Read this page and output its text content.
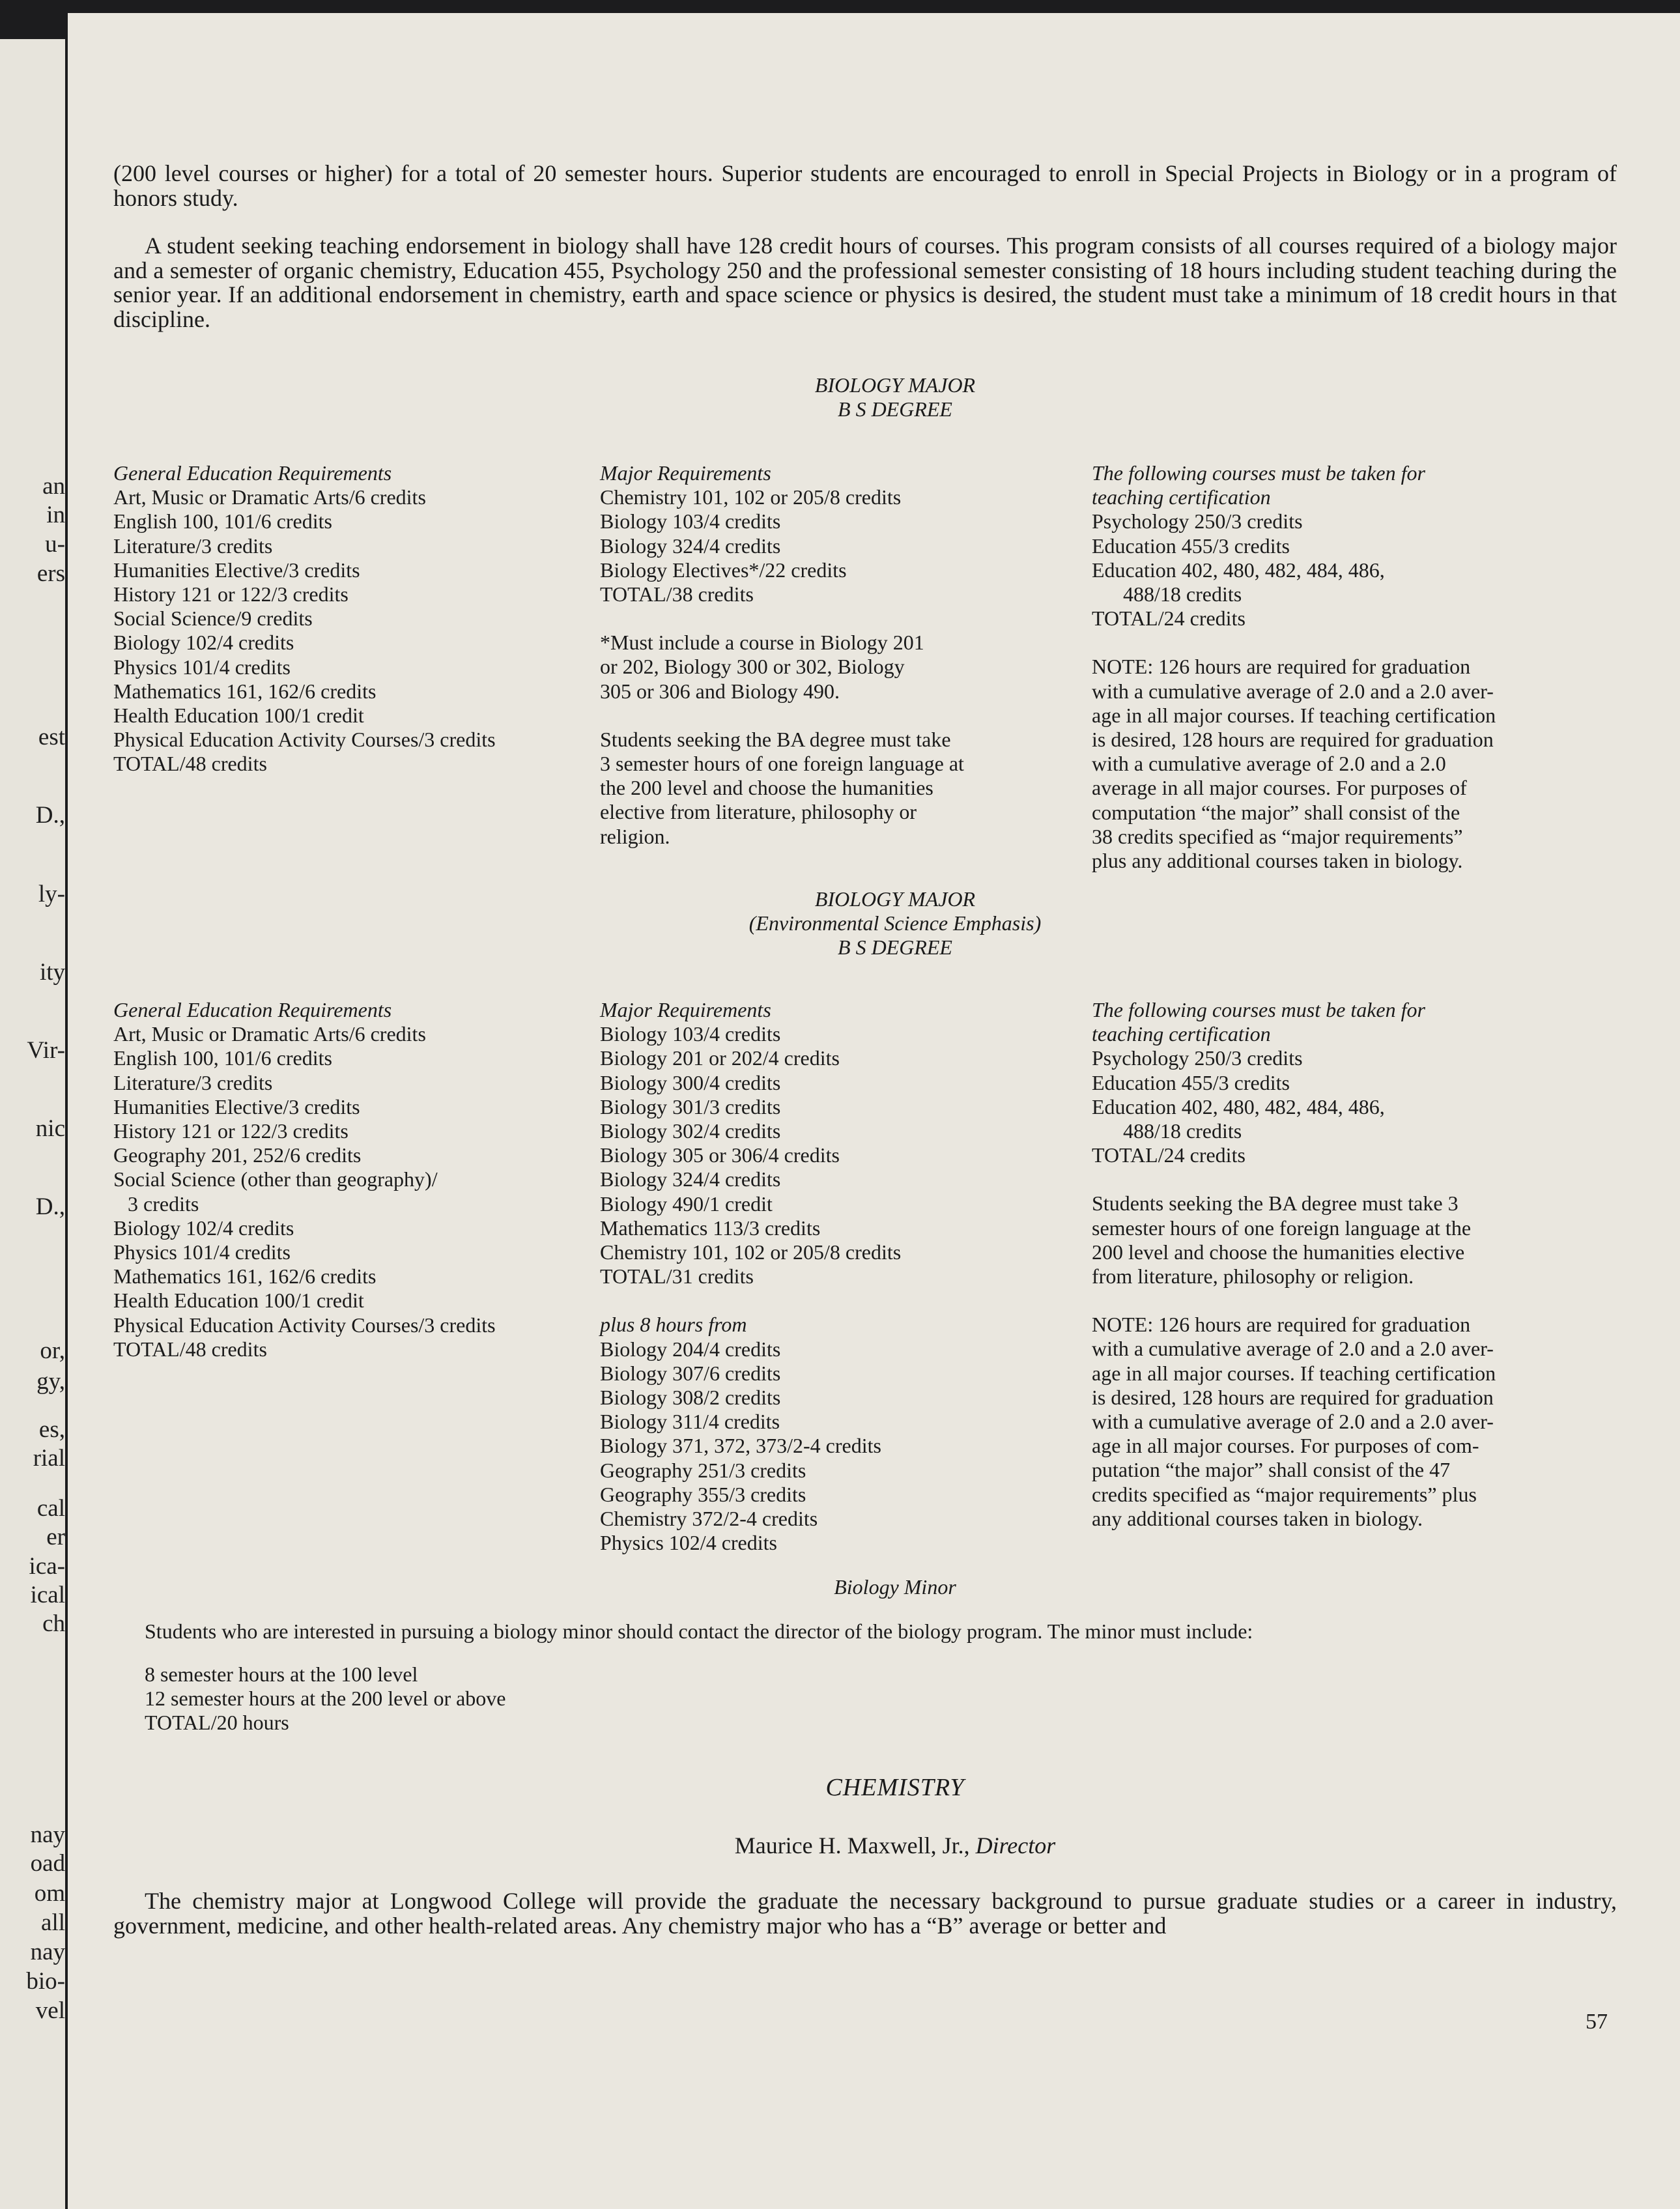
an
in
u-
ers
est
D.,
ly-
ity
Vir-
nic
D.,
or,
gy,
es,
rial
cal
er
ica-
ical
ch
nay
oad
om
all
nay
bio-
vel
(200 level courses or higher) for a total of 20 semester hours. Superior students are encouraged to enroll in Special Projects in Biology or in a program of honors study.
A student seeking teaching endorsement in biology shall have 128 credit hours of courses. This program consists of all courses required of a biology major and a semester of organic chemistry, Education 455, Psychology 250 and the professional semester consisting of 18 hours including student teaching during the senior year. If an additional endorsement in chemistry, earth and space science or physics is desired, the student must take a minimum of 18 credit hours in that discipline.
BIOLOGY MAJOR
B S DEGREE
General Education Requirements
Art, Music or Dramatic Arts/6 credits
English 100, 101/6 credits
Literature/3 credits
Humanities Elective/3 credits
History 121 or 122/3 credits
Social Science/9 credits
Biology 102/4 credits
Physics 101/4 credits
Mathematics 161, 162/6 credits
Health Education 100/1 credit
Physical Education Activity Courses/3 credits
TOTAL/48 credits
Major Requirements
Chemistry 101, 102 or 205/8 credits
Biology 103/4 credits
Biology 324/4 credits
Biology Electives*/22 credits
TOTAL/38 credits
*Must include a course in Biology 201
or 202, Biology 300 or 302, Biology
305 or 306 and Biology 490.
Students seeking the BA degree must take
3 semester hours of one foreign language at
the 200 level and choose the humanities
elective from literature, philosophy or
religion.
The following courses must be taken for
teaching certification
Psychology 250/3 credits
Education 455/3 credits
Education 402, 480, 482, 484, 486,
488/18 credits
TOTAL/24 credits
NOTE: 126 hours are required for graduation
with a cumulative average of 2.0 and a 2.0 aver-
age in all major courses. If teaching certification
is desired, 128 hours are required for graduation
with a cumulative average of 2.0 and a 2.0
average in all major courses. For purposes of
computation “the major” shall consist of the
38 credits specified as “major requirements”
plus any additional courses taken in biology.
BIOLOGY MAJOR
(Environmental Science Emphasis)
B S DEGREE
General Education Requirements
Art, Music or Dramatic Arts/6 credits
English 100, 101/6 credits
Literature/3 credits
Humanities Elective/3 credits
History 121 or 122/3 credits
Geography 201, 252/6 credits
Social Science (other than geography)/
3 credits
Biology 102/4 credits
Physics 101/4 credits
Mathematics 161, 162/6 credits
Health Education 100/1 credit
Physical Education Activity Courses/3 credits
TOTAL/48 credits
Major Requirements
Biology 103/4 credits
Biology 201 or 202/4 credits
Biology 300/4 credits
Biology 301/3 credits
Biology 302/4 credits
Biology 305 or 306/4 credits
Biology 324/4 credits
Biology 490/1 credit
Mathematics 113/3 credits
Chemistry 101, 102 or 205/8 credits
TOTAL/31 credits
plus 8 hours from
Biology 204/4 credits
Biology 307/6 credits
Biology 308/2 credits
Biology 311/4 credits
Biology 371, 372, 373/2-4 credits
Geography 251/3 credits
Geography 355/3 credits
Chemistry 372/2-4 credits
Physics 102/4 credits
The following courses must be taken for
teaching certification
Psychology 250/3 credits
Education 455/3 credits
Education 402, 480, 482, 484, 486,
488/18 credits
TOTAL/24 credits
Students seeking the BA degree must take 3
semester hours of one foreign language at the
200 level and choose the humanities elective
from literature, philosophy or religion.
NOTE: 126 hours are required for graduation
with a cumulative average of 2.0 and a 2.0 aver-
age in all major courses. If teaching certification
is desired, 128 hours are required for graduation
with a cumulative average of 2.0 and a 2.0 aver-
age in all major courses. For purposes of com-
putation “the major” shall consist of the 47
credits specified as “major requirements” plus
any additional courses taken in biology.
Biology Minor
Students who are interested in pursuing a biology minor should contact the director of the biology program. The minor must include:
8 semester hours at the 100 level
12 semester hours at the 200 level or above
TOTAL/20 hours
CHEMISTRY
Maurice H. Maxwell, Jr., Director
The chemistry major at Longwood College will provide the graduate the necessary background to pursue graduate studies or a career in industry, government, medicine, and other health-related areas. Any chemistry major who has a “B” average or better and
57
